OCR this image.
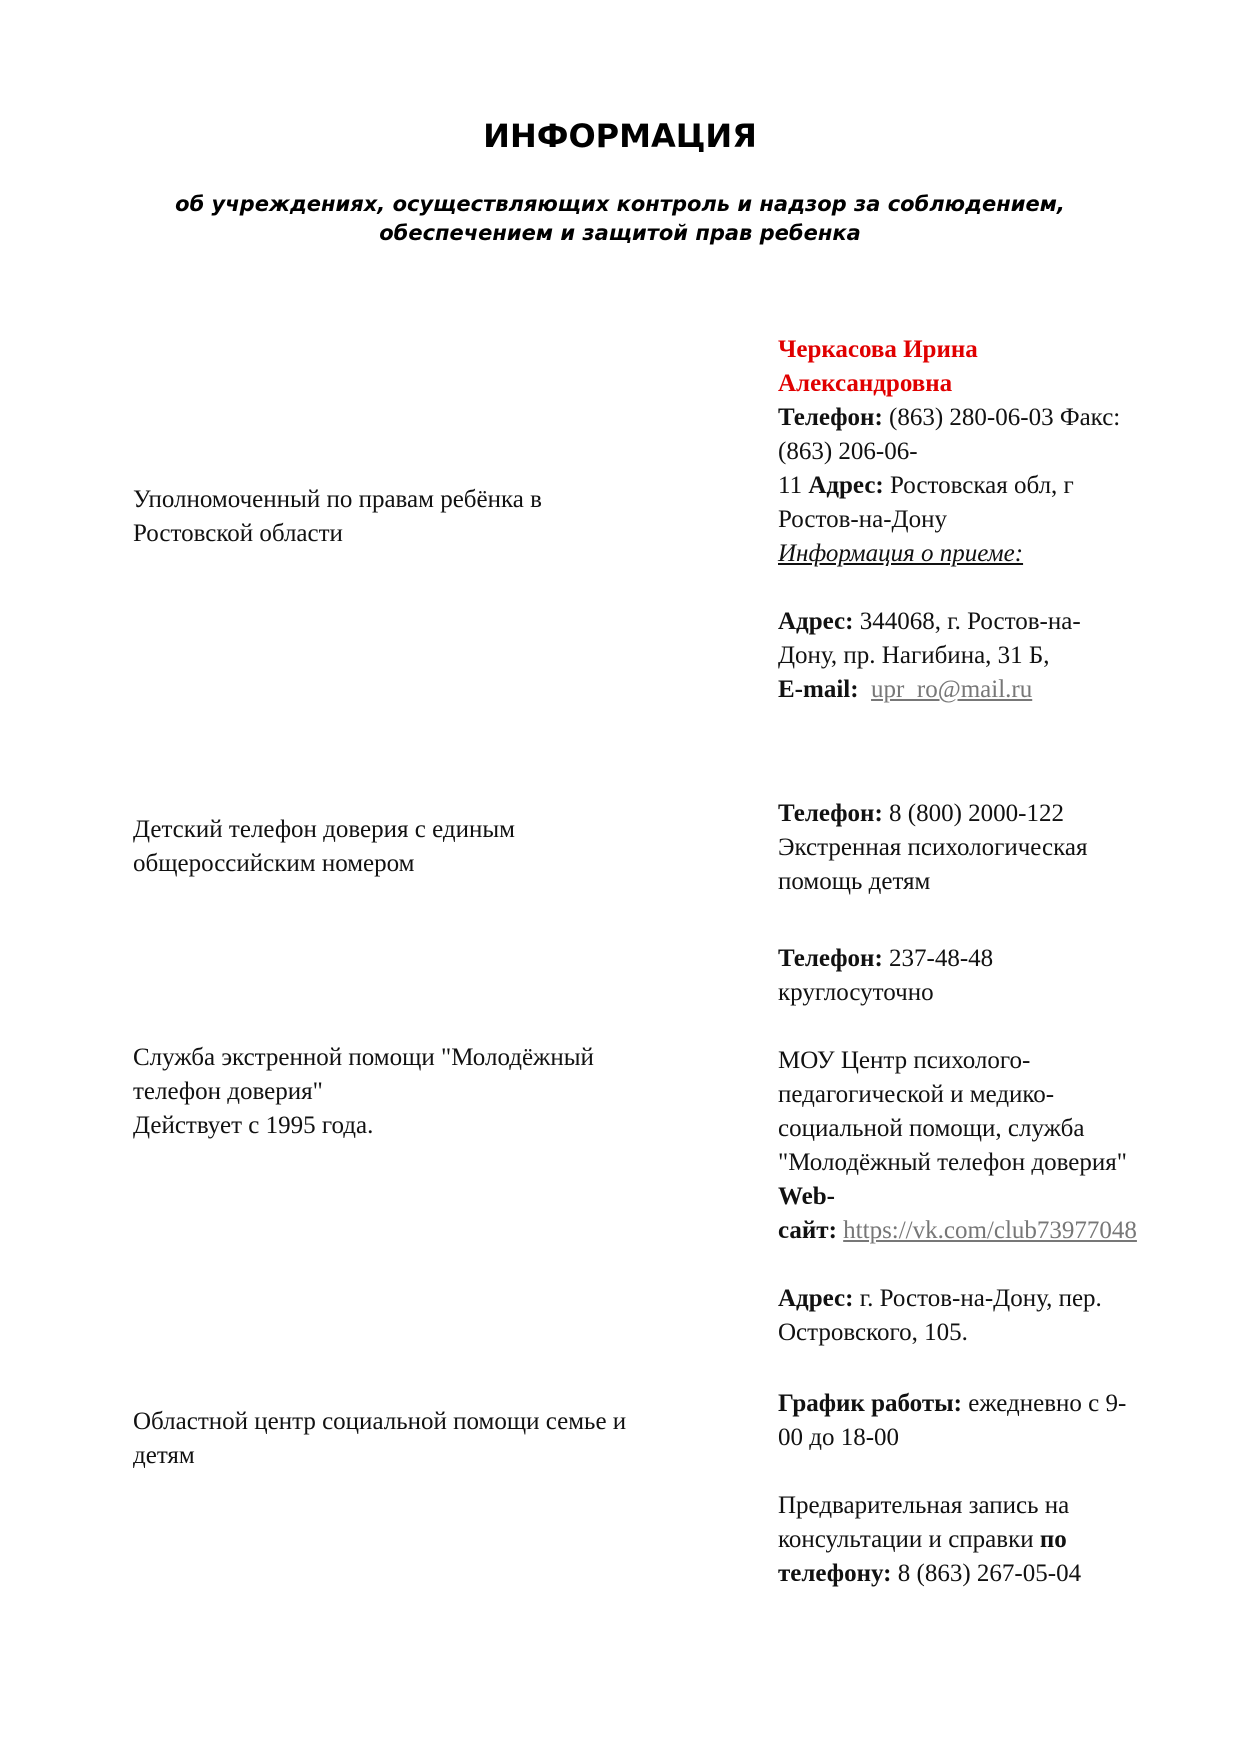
ИНФОРМАЦИЯ
об учреждениях, осуществляющих контроль и надзор за соблюдением,
обеспечением и защитой прав ребенка
Уполномоченный по правам ребёнка в
Ростовской области
Черкасова Ирина
Александровна
Телефон: (863) 280-06-03 Факс:
(863) 206-06-
11 Адрес: Ростовская обл, г
Ростов-на-Дону
Информация о приеме:
Адрес: 344068, г. Ростов-на-
Дону, пр. Нагибина, 31 Б,
E-mail: upr_ro@mail.ru
Детский телефон доверия с единым
общероссийским номером
Телефон: 8 (800) 2000-122
Экстренная психологическая
помощь детям
Служба экстренной помощи "Молодёжный
телефон доверия"
Действует с 1995 года.
Телефон: 237-48-48
круглосуточно
МОУ Центр психолого-
педагогической и медико-
социальной помощи, служба
"Молодёжный телефон доверия"
Web-
сайт: https://vk.com/club73977048
Адрес: г. Ростов-на-Дону, пер.
Островского, 105.
Областной центр социальной помощи семье и
детям
График работы: ежедневно с 9-
00 до 18-00
Предварительная запись на
консультации и справки по
телефону: 8 (863) 267-05-04
